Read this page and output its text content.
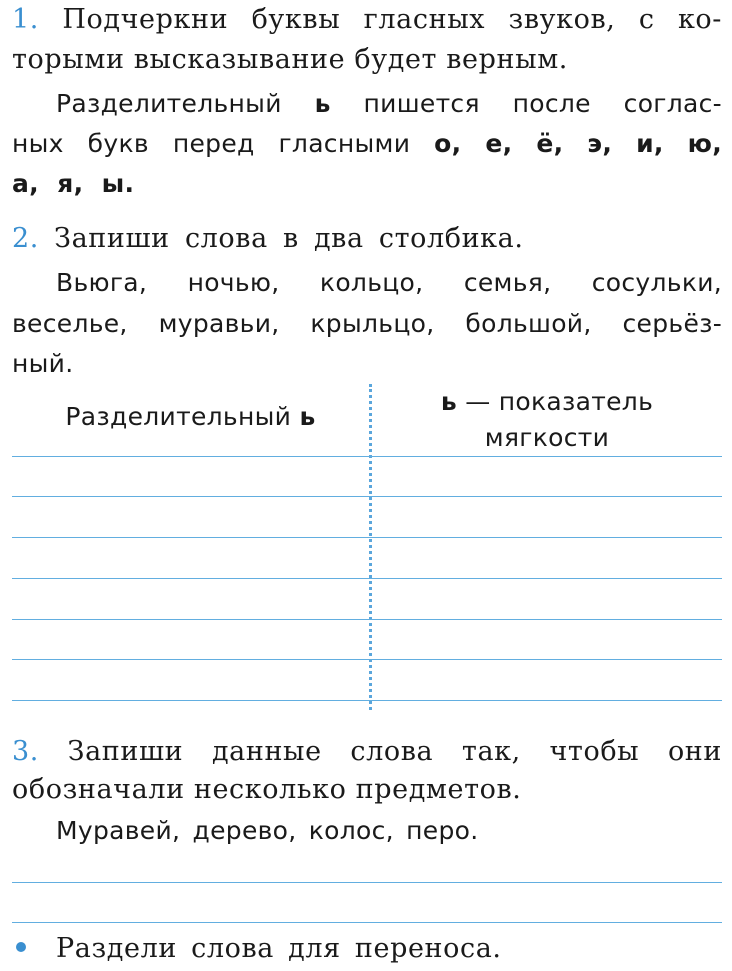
1. Подчеркни буквы гласных звуков, с ко-
торыми высказывание будет верным.
Разделительный ь пишется после соглас-
ных букв перед гласными о, е, ё, э, и, ю,
а, я, ы.
2. Запиши слова в два столбика.
Вьюга, ночью, кольцо, семья, сосульки,
веселье, муравьи, крыльцо, большой, серьёз-
ный.
Разделительный ь
ь — показатель
мягкости
3. Запиши данные слова так, чтобы они
обозначали несколько предметов.
Муравей, дерево, колос, перо.
Раздели слова для переноса.
